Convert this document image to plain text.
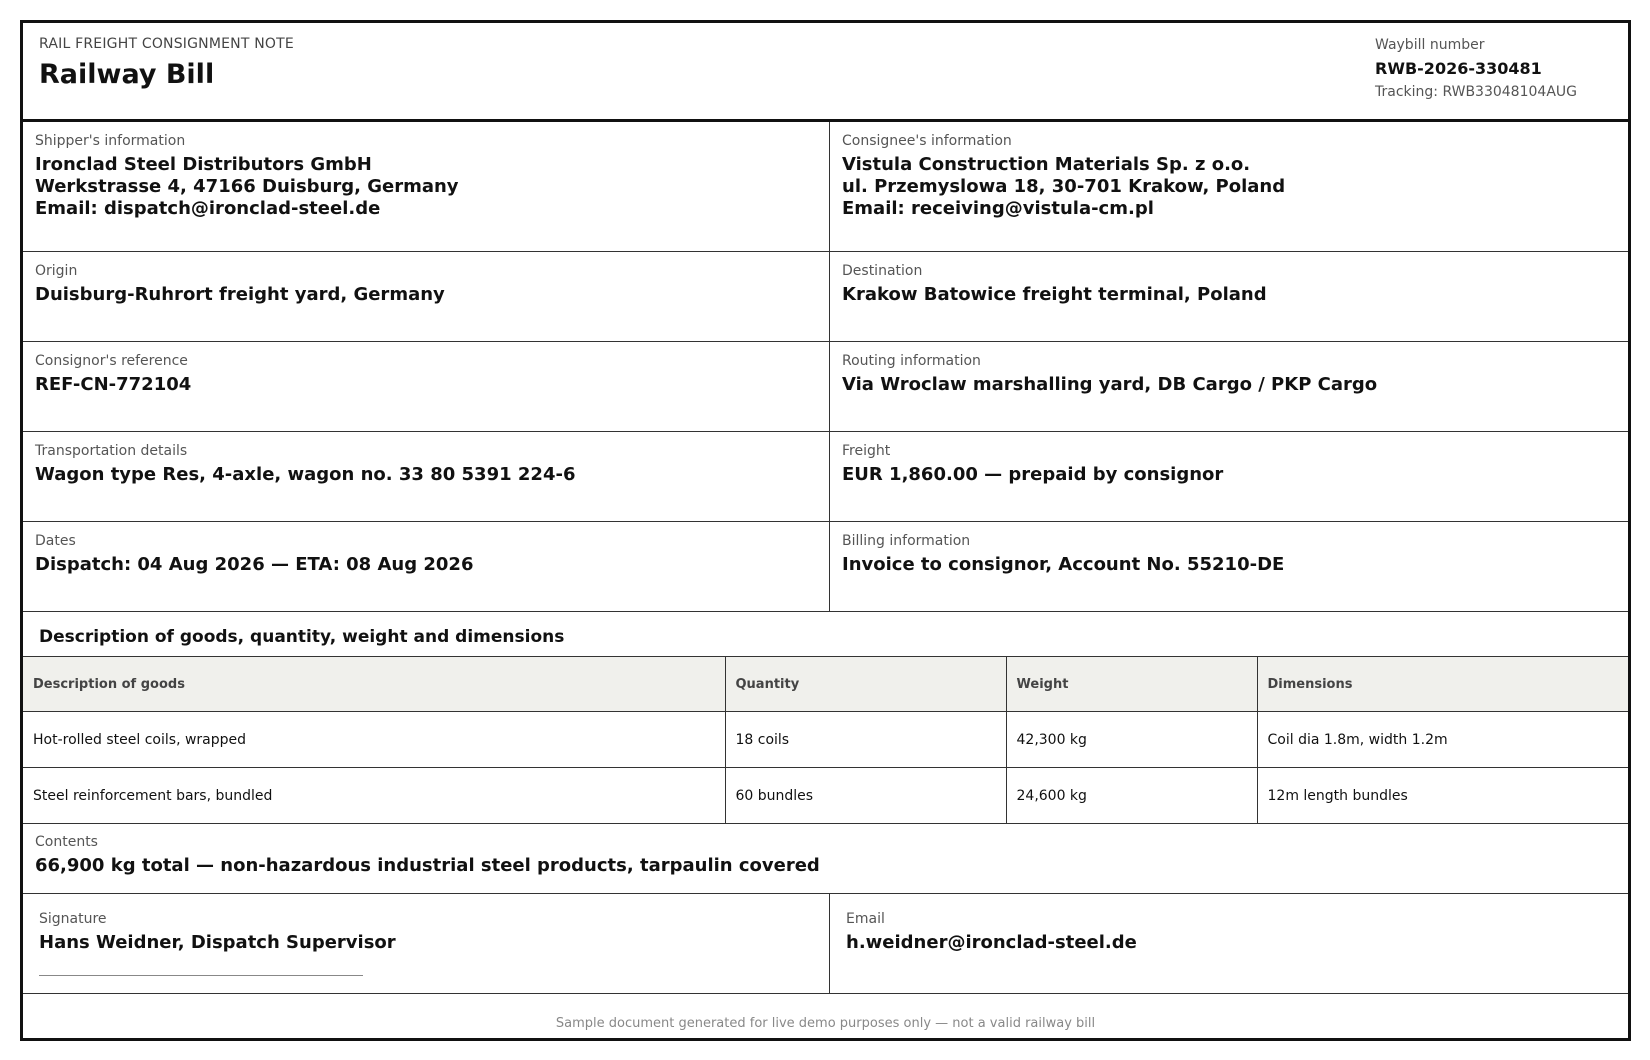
RAIL FREIGHT CONSIGNMENT NOTE
Railway Bill
Waybill number
RWB-2026-330481
Tracking: RWB33048104AUG
Shipper's information
Ironclad Steel Distributors GmbH
Werkstrasse 4, 47166 Duisburg, Germany
Email: dispatch@ironclad-steel.de
Consignee's information
Vistula Construction Materials Sp. z o.o.
ul. Przemyslowa 18, 30-701 Krakow, Poland
Email: receiving@vistula-cm.pl
Origin
Duisburg-Ruhrort freight yard, Germany
Destination
Krakow Batowice freight terminal, Poland
Consignor's reference
REF-CN-772104
Routing information
Via Wroclaw marshalling yard, DB Cargo / PKP Cargo
Transportation details
Wagon type Res, 4-axle, wagon no. 33 80 5391 224-6
Freight
EUR 1,860.00 — prepaid by consignor
Dates
Dispatch: 04 Aug 2026 — ETA: 08 Aug 2026
Billing information
Invoice to consignor, Account No. 55210-DE
Description of goods, quantity, weight and dimensions
Description of goods	Quantity	Weight	Dimensions
Hot-rolled steel coils, wrapped	18 coils	42,300 kg	Coil dia 1.8m, width 1.2m
Steel reinforcement bars, bundled	60 bundles	24,600 kg	12m length bundles
Contents
66,900 kg total — non-hazardous industrial steel products, tarpaulin covered
Signature
Hans Weidner, Dispatch Supervisor
Email
h.weidner@ironclad-steel.de
Sample document generated for live demo purposes only — not a valid railway bill
